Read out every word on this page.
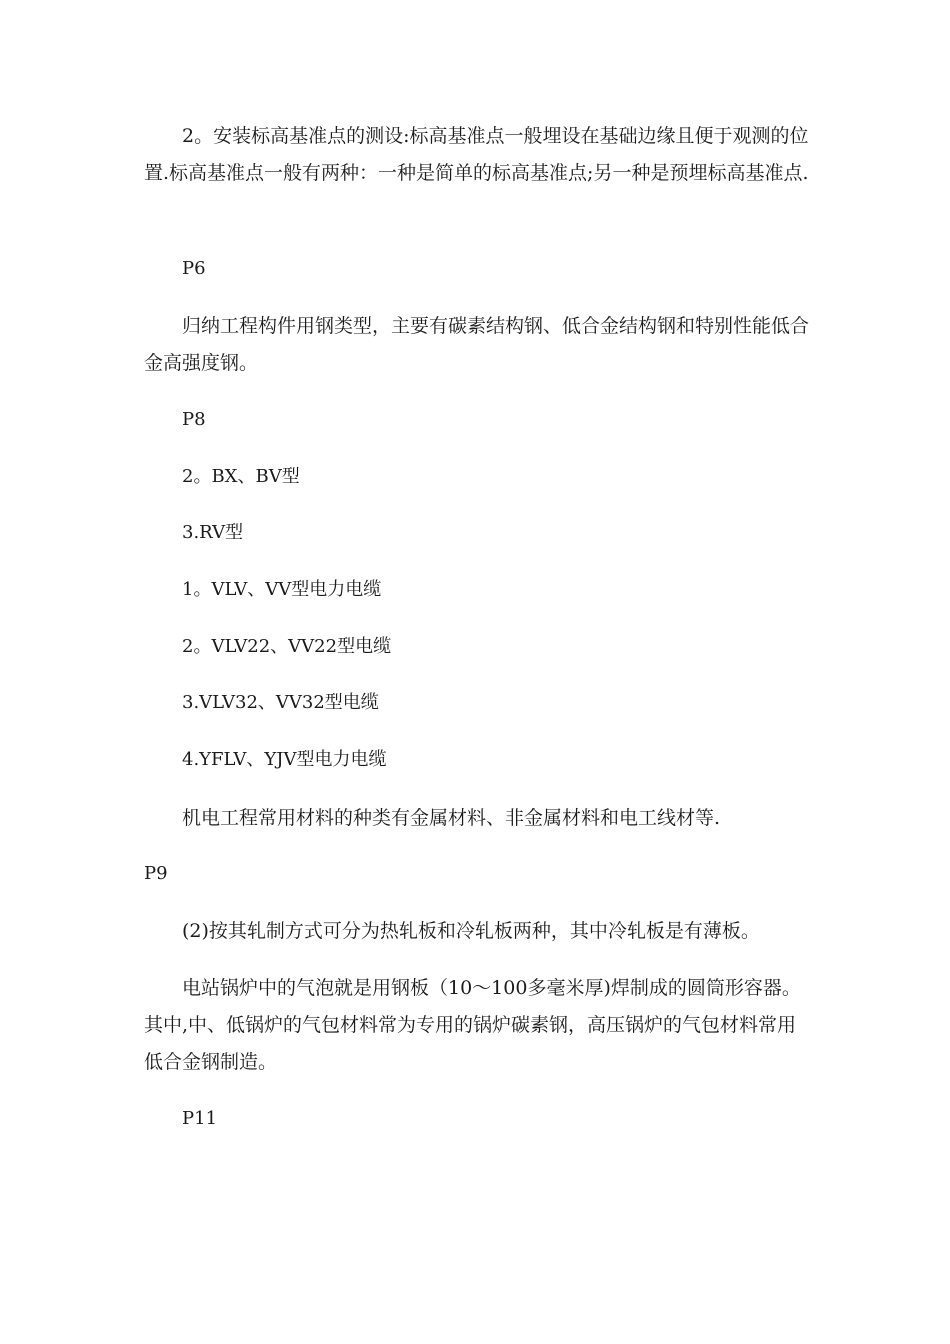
2。安装标高基准点的测设:标高基准点一般埋设在基础边缘且便于观测的位置.标高基准点一般有两种：一种是简单的标高基准点;另一种是预埋标高基准点.

P6

归纳工程构件用钢类型，主要有碳素结构钢、低合金结构钢和特别性能低合金高强度钢。

P8

2。BX、BV型

3.RV型

1。VLV、VV型电力电缆

2。VLV22、VV22型电缆

3.VLV32、VV32型电缆

4.YFLV、YJV型电力电缆

机电工程常用材料的种类有金属材料、非金属材料和电工线材等.

P9

(2)按其轧制方式可分为热轧板和冷轧板两种，其中冷轧板是有薄板。

电站锅炉中的气泡就是用钢板（10～100多毫米厚)焊制成的圆筒形容器。其中,中、低锅炉的气包材料常为专用的锅炉碳素钢，高压锅炉的气包材料常用低合金钢制造。

P11
